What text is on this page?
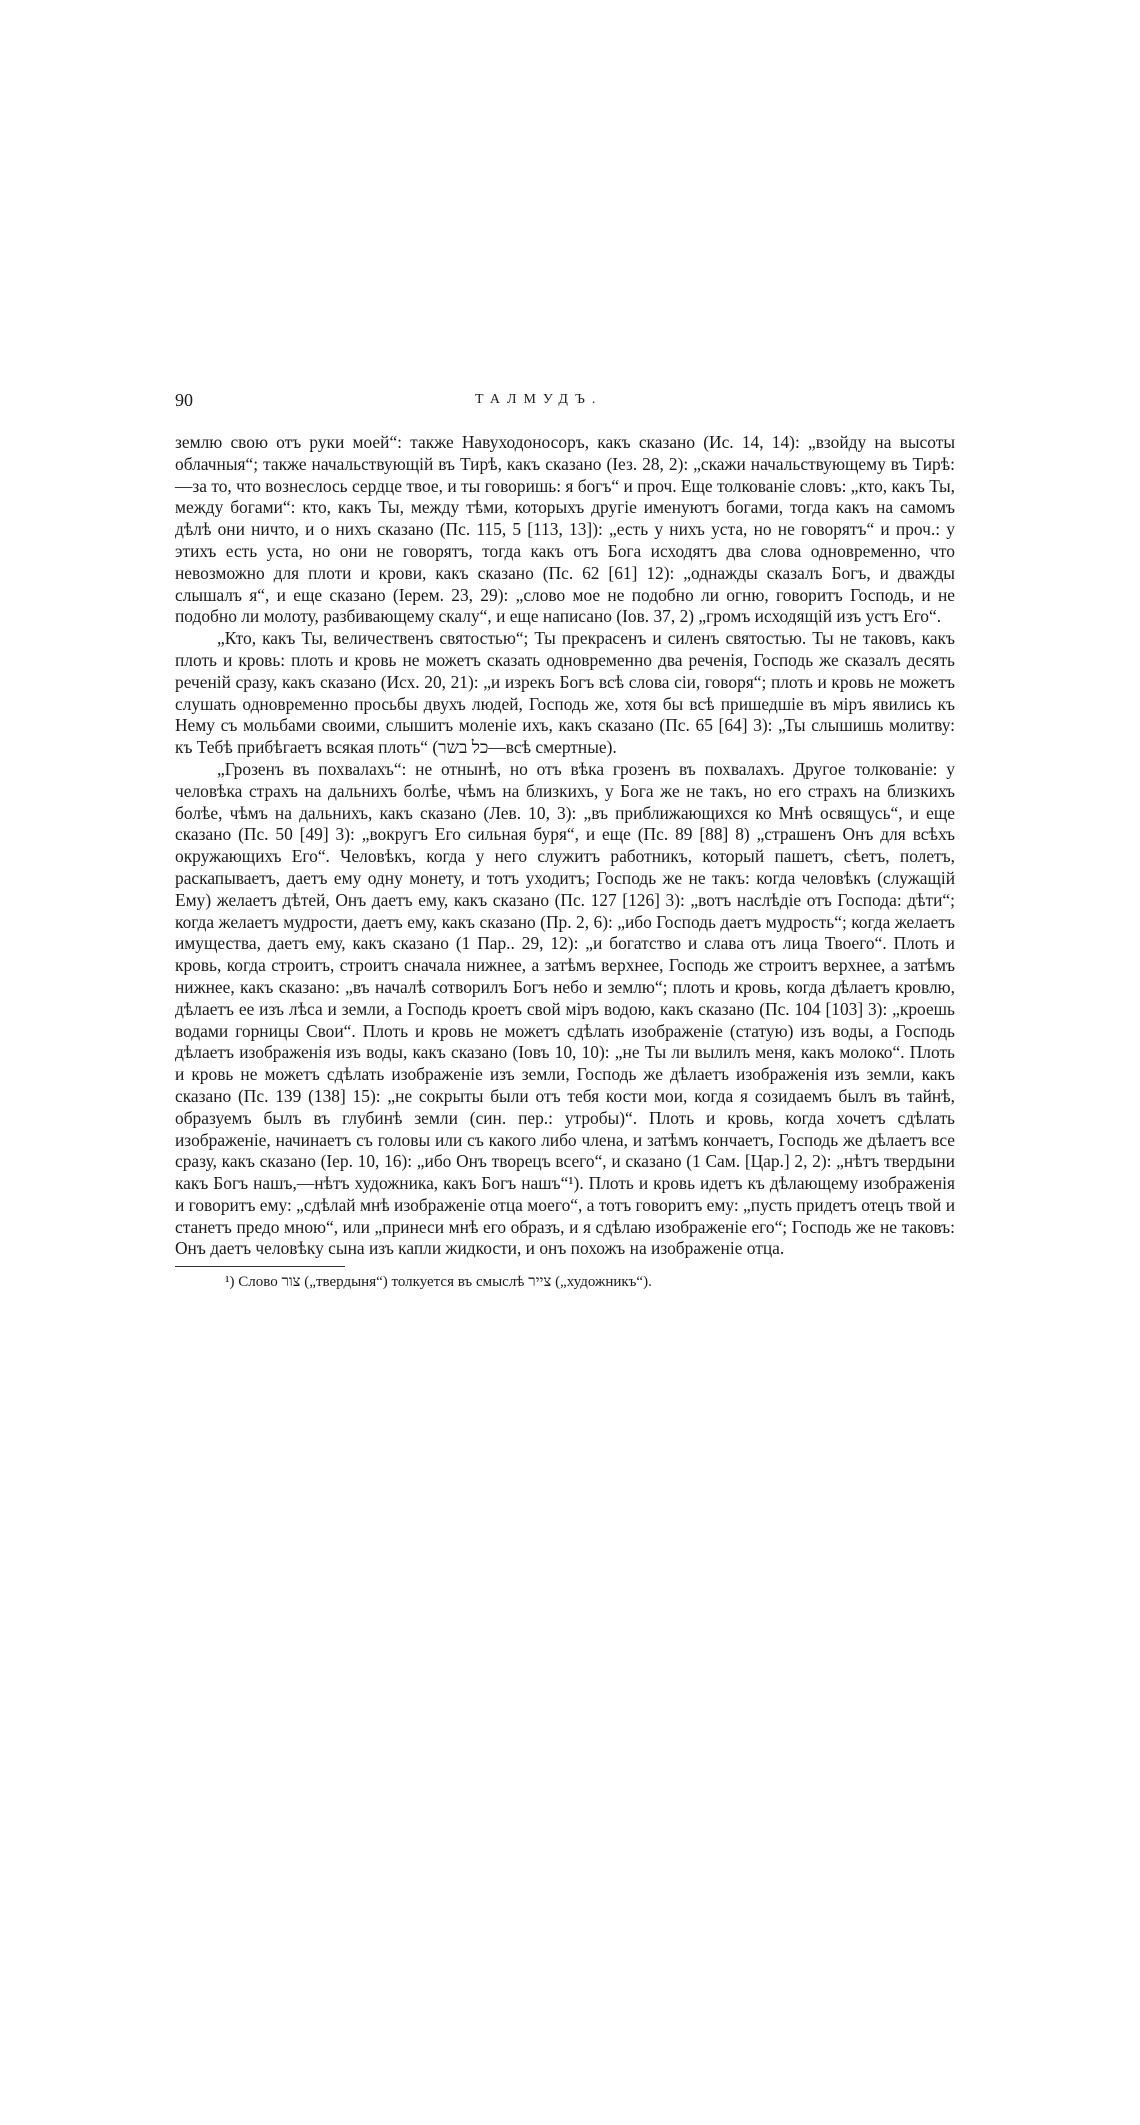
90	ТАЛМУДЪ.

землю свою отъ руки моей“: также Навуходоносоръ, какъ сказано (Ис. 14, 14): „взойду на высоты облачныя“; также начальствующій въ Тирѣ, какъ сказано (Iез. 28, 2): „скажи начальствующему въ Тирѣ:—за то, что вознеслось сердце твое, и ты говоришь: я богъ“ и проч. Еще толкованіе словъ: „кто, какъ Ты, между богами“: кто, какъ Ты, между тѣми, которыхъ другіе именуютъ богами, тогда какъ на самомъ дѣлѣ они ничто, и о нихъ сказано (Пс. 115, 5 [113, 13]): „есть у нихъ уста, но не говорятъ“ и проч.: у этихъ есть уста, но они не говорятъ, тогда какъ отъ Бога исходятъ два слова одновременно, что невозможно для плоти и крови, какъ сказано (Пс. 62 [61] 12): „однажды сказалъ Богъ, и дважды слышалъ я“, и еще сказано (Iерем. 23, 29): „слово мое не подобно ли огню, говоритъ Господь, и не подобно ли молоту, разбивающему скалу“, и еще написано (Iов. 37, 2) „громъ исходящій изъ устъ Его“.

„Кто, какъ Ты, величественъ святостью“; Ты прекрасенъ и силенъ святостью. Ты не таковъ, какъ плоть и кровь: плоть и кровь не можетъ сказать одновременно два реченія, Господь же сказалъ десять реченій сразу, какъ сказано (Исх. 20, 21): „и изрекъ Богъ всѣ слова сіи, говоря“; плоть и кровь не можетъ слушать одновременно просьбы двухъ людей, Господь же, хотя бы всѣ пришедшіе въ міръ явились къ Нему съ мольбами своими, слышитъ моленіе ихъ, какъ сказано (Пс. 65 [64] 3): „Ты слышишь молитву: къ Тебѣ прибѣгаетъ всякая плоть“ (כל בשר—всѣ смертные).

„Грозенъ въ похвалахъ“: не отнынѣ, но отъ вѣка грозенъ въ похвалахъ. Другое толкованіе: у человѣка страхъ на дальнихъ болѣе, чѣмъ на близкихъ, у Бога же не такъ, но его страхъ на близкихъ болѣе, чѣмъ на дальнихъ, какъ сказано (Лев. 10, 3): „въ приближающихся ко Мнѣ освящусь“, и еще сказано (Пс. 50 [49] 3): „вокругъ Его сильная буря“, и еще (Пс. 89 [88] 8) „страшенъ Онъ для всѣхъ окружающихъ Его“. Человѣкъ, когда у него служитъ работникъ, который пашетъ, сѣетъ, полетъ, раскапываетъ, даетъ ему одну монету, и тотъ уходитъ; Господь же не такъ: когда человѣкъ (служащій Ему) желаетъ дѣтей, Онъ даетъ ему, какъ сказано (Пс. 127 [126] 3): „вотъ наслѣдіе отъ Господа: дѣти“; когда желаетъ мудрости, даетъ ему, какъ сказано (Пр. 2, 6): „ибо Господь даетъ мудрость“; когда желаетъ имущества, даетъ ему, какъ сказано (1 Пар.. 29, 12): „и богатство и слава отъ лица Твоего“. Плоть и кровь, когда строитъ, строитъ сначала нижнее, а затѣмъ верхнее, Господь же строитъ верхнее, а затѣмъ нижнее, какъ сказано: „въ началѣ сотворилъ Богъ небо и землю“; плоть и кровь, когда дѣлаетъ кровлю, дѣлаетъ ее изъ лѣса и земли, а Господь кроетъ свой міръ водою, какъ сказано (Пс. 104 [103] 3): „кроешь водами горницы Свои“. Плоть и кровь не можетъ сдѣлать изображеніе (статую) изъ воды, а Господь дѣлаетъ изображенія изъ воды, какъ сказано (Iовъ 10, 10): „не Ты ли вылилъ меня, какъ молоко“. Плоть и кровь не можетъ сдѣлать изображеніе изъ земли, Господь же дѣлаетъ изображенія изъ земли, какъ сказано (Пс. 139 (138] 15): „не сокрыты были отъ тебя кости мои, когда я созидаемъ былъ въ тайнѣ, образуемъ былъ въ глубинѣ земли (син. пер.: утробы)“. Плоть и кровь, когда хочетъ сдѣлать изображеніе, начинаетъ съ головы или съ какого либо члена, и затѣмъ кончаетъ, Господь же дѣлаетъ все сразу, какъ сказано (Iер. 10, 16): „ибо Онъ творецъ всего“, и сказано (1 Сам. [Цар.] 2, 2): „нѣтъ твердыни какъ Богъ нашъ,—нѣтъ художника, какъ Богъ нашъ“¹). Плоть и кровь идетъ къ дѣлающему изображенія и говоритъ ему: „сдѣлай мнѣ изображеніе отца моего“, а тотъ говоритъ ему: „пусть придетъ отецъ твой и станетъ предо мною“, или „принеси мнѣ его образъ, и я сдѣлаю изображеніе его“; Господь же не таковъ: Онъ даетъ человѣку сына изъ капли жидкости, и онъ похожъ на изображеніе отца.

¹) Слово צור („твердыня“) толкуется въ смыслѣ צייר („художникъ“).
